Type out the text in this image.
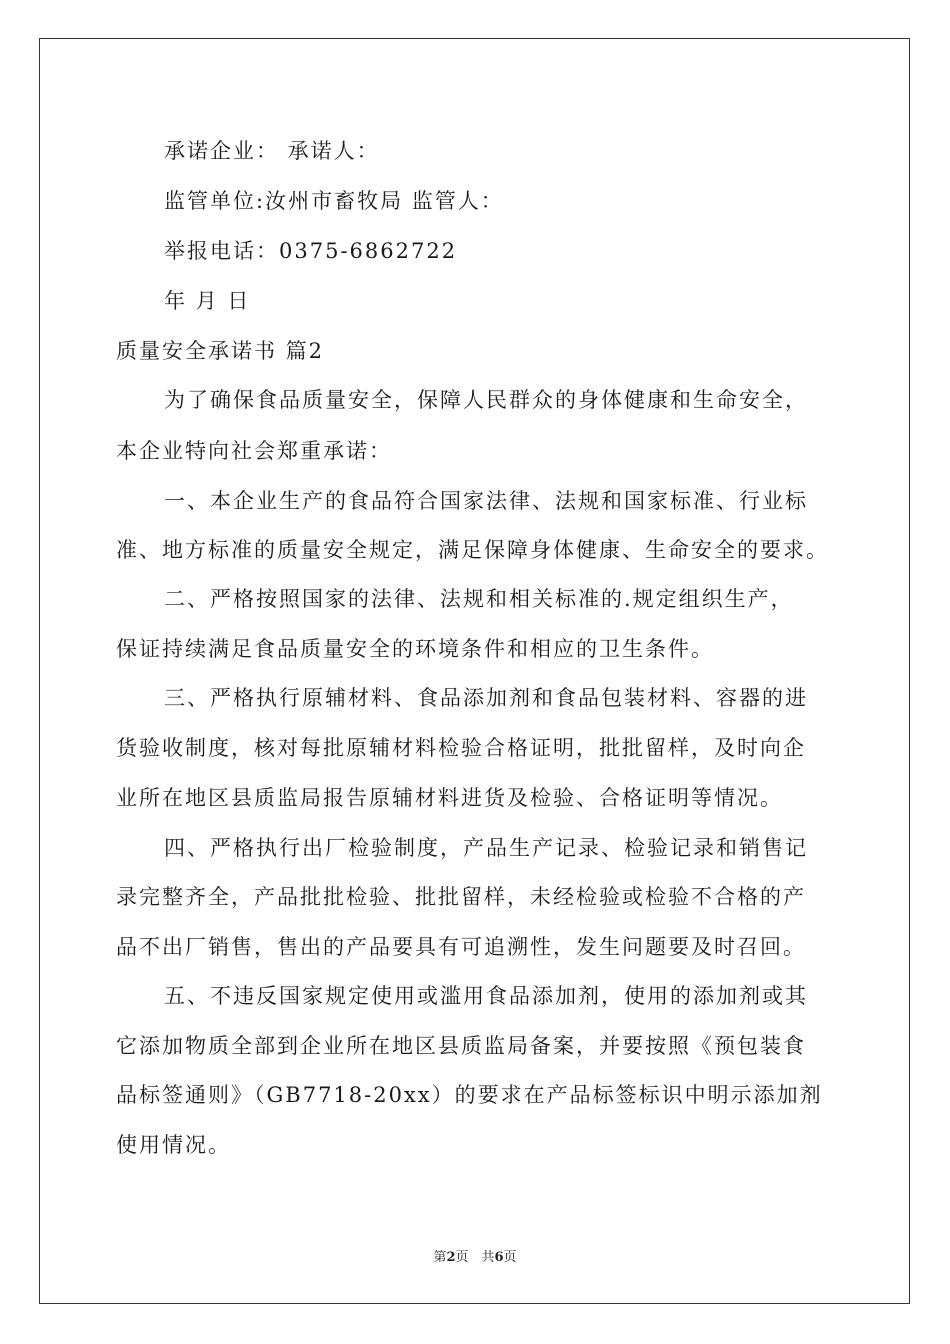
承诺企业： 承诺人：
监管单位:汝州市畜牧局 监管人：
举报电话：0375-6862722
年 月 日
质量安全承诺书 篇2
为了确保食品质量安全，保障人民群众的身体健康和生命安全，
本企业特向社会郑重承诺：
一、本企业生产的食品符合国家法律、法规和国家标准、行业标
准、地方标准的质量安全规定，满足保障身体健康、生命安全的要求。
二、严格按照国家的法律、法规和相关标准的.规定组织生产，
保证持续满足食品质量安全的环境条件和相应的卫生条件。
三、严格执行原辅材料、食品添加剂和食品包装材料、容器的进
货验收制度，核对每批原辅材料检验合格证明，批批留样，及时向企
业所在地区县质监局报告原辅材料进货及检验、合格证明等情况。
四、严格执行出厂检验制度，产品生产记录、检验记录和销售记
录完整齐全，产品批批检验、批批留样，未经检验或检验不合格的产
品不出厂销售，售出的产品要具有可追溯性，发生问题要及时召回。
五、不违反国家规定使用或滥用食品添加剂，使用的添加剂或其
它添加物质全部到企业所在地区县质监局备案，并要按照《预包装食
品标签通则》（GB7718-20xx）的要求在产品标签标识中明示添加剂
使用情况。
第2页　共6页
